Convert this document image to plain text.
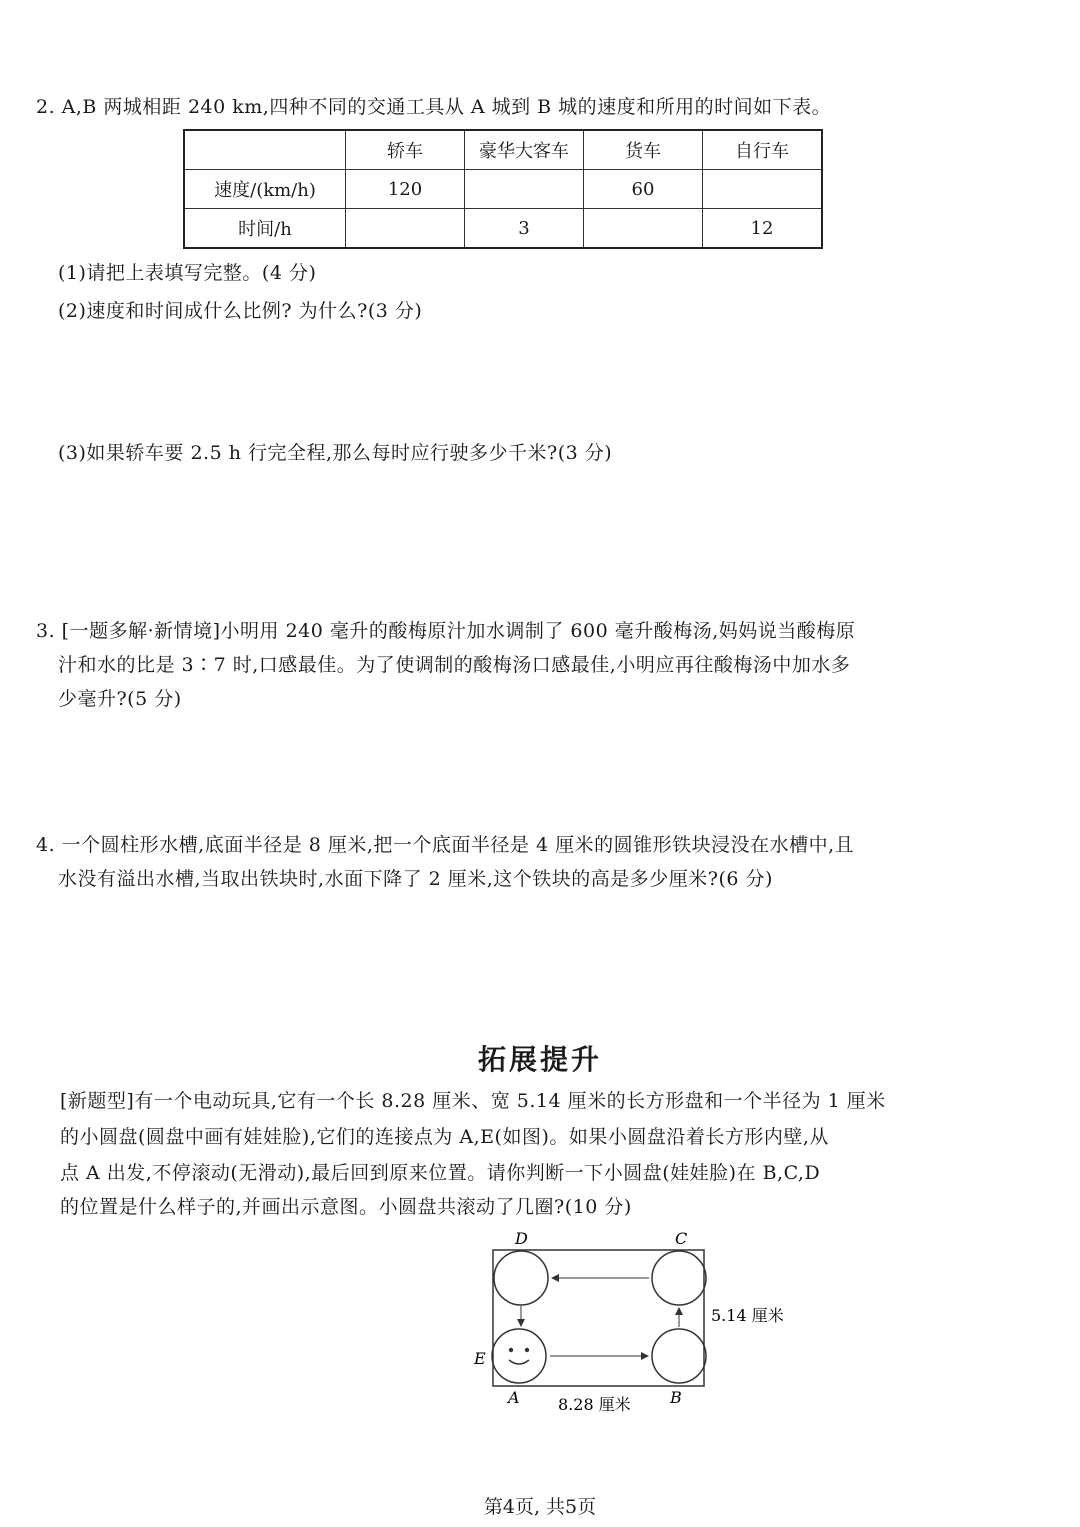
2. A,B 两城相距 240 km,四种不同的交通工具从 A 城到 B 城的速度和所用的时间如下表。
	轿车	豪华大客车	货车	自行车
速度/(km/h)	120		60	
时间/h		3		12
(1)请把上表填写完整。(4 分)
(2)速度和时间成什么比例? 为什么?(3 分)
(3)如果轿车要 2.5 h 行完全程,那么每时应行驶多少千米?(3 分)
3. [一题多解·新情境]小明用 240 毫升的酸梅原汁加水调制了 600 毫升酸梅汤,妈妈说当酸梅原
汁和水的比是 3∶7 时,口感最佳。为了使调制的酸梅汤口感最佳,小明应再往酸梅汤中加水多
少毫升?(5 分)
4. 一个圆柱形水槽,底面半径是 8 厘米,把一个底面半径是 4 厘米的圆锥形铁块浸没在水槽中,且
水没有溢出水槽,当取出铁块时,水面下降了 2 厘米,这个铁块的高是多少厘米?(6 分)
拓展提升
[新题型]有一个电动玩具,它有一个长 8.28 厘米、宽 5.14 厘米的长方形盘和一个半径为 1 厘米
的小圆盘(圆盘中画有娃娃脸),它们的连接点为 A,E(如图)。如果小圆盘沿着长方形内壁,从
点 A 出发,不停滚动(无滑动),最后回到原来位置。请你判断一下小圆盘(娃娃脸)在 B,C,D
的位置是什么样子的,并画出示意图。小圆盘共滚动了几圈?(10 分)
D	C
E
A	B
8.28 厘米
5.14 厘米
第4页, 共5页
